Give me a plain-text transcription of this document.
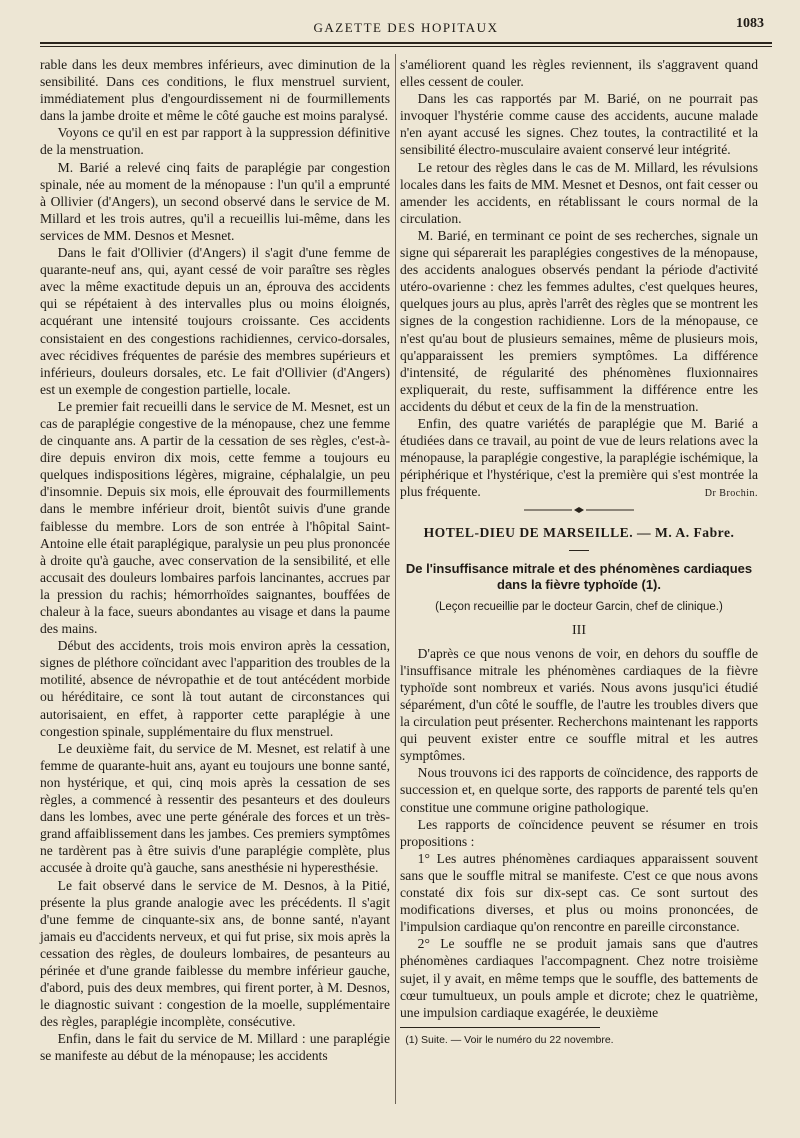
GAZETTE DES HOPITAUX	1083

rable dans les deux membres inférieurs, avec diminution de la sensibilité. Dans ces conditions, le flux menstruel survient, immédiatement plus d'engourdissement ni de fourmillements dans la jambe droite et même le côté gauche est moins paralysé.

Voyons ce qu'il en est par rapport à la suppression définitive de la menstruation.

M. Barié a relevé cinq faits de paraplégie par congestion spinale, née au moment de la ménopause : l'un qu'il a emprunté à Ollivier (d'Angers), un second observé dans le service de M. Millard et les trois autres, qu'il a recueillis lui-même, dans les services de MM. Desnos et Mesnet.

Dans le fait d'Ollivier (d'Angers) il s'agit d'une femme de quarante-neuf ans, qui, ayant cessé de voir paraître ses règles avec la même exactitude depuis un an, éprouva des accidents qui se répétaient à des intervalles plus ou moins éloignés, acquérant une intensité toujours croissante. Ces accidents consistaient en des congestions rachidiennes, cervico-dorsales, avec récidives fréquentes de parésie des membres supérieurs et inférieurs, douleurs dorsales, etc. Le fait d'Ollivier (d'Angers) est un exemple de congestion partielle, locale.

Le premier fait recueilli dans le service de M. Mesnet, est un cas de paraplégie congestive de la ménopause, chez une femme de cinquante ans. A partir de la cessation de ses règles, c'est-à-dire depuis environ dix mois, cette femme a toujours eu quelques indispositions légères, migraine, céphalalgie, un peu d'insomnie. Depuis six mois, elle éprouvait des fourmillements dans le membre inférieur droit, bientôt suivis d'une grande faiblesse du membre. Lors de son entrée à l'hôpital Saint-Antoine elle était paraplégique, paralysie un peu plus prononcée à droite qu'à gauche, avec conservation de la sensibilité, et elle accusait des douleurs lombaires parfois lancinantes, accrues par la pression du rachis; hémorrhoïdes saignantes, bouffées de chaleur à la face, sueurs abondantes au visage et dans la paume des mains.

Début des accidents, trois mois environ après la cessation, signes de pléthore coïncidant avec l'apparition des troubles de la motilité, absence de névropathie et de tout antécédent morbide ou héréditaire, ce sont là tout autant de circonstances qui autorisaient, en effet, à rapporter cette paraplégie à une congestion spinale, supplémentaire du flux menstruel.

Le deuxième fait, du service de M. Mesnet, est relatif à une femme de quarante-huit ans, ayant eu toujours une bonne santé, non hystérique, et qui, cinq mois après la cessation de ses règles, a commencé à ressentir des pesanteurs et des douleurs dans les lombes, avec une perte générale des forces et un très-grand affaiblissement dans les jambes. Ces premiers symptômes ne tardèrent pas à être suivis d'une paraplégie complète, plus accusée à droite qu'à gauche, sans anesthésie ni hyperesthésie.

Le fait observé dans le service de M. Desnos, à la Pitié, présente la plus grande analogie avec les précédents. Il s'agit d'une femme de cinquante-six ans, de bonne santé, n'ayant jamais eu d'accidents nerveux, et qui fut prise, six mois après la cessation des règles, de douleurs lombaires, de pesanteurs au périnée et d'une grande faiblesse du membre inférieur gauche, d'abord, puis des deux membres, qui firent porter, à M. Desnos, le diagnostic suivant : congestion de la moelle, supplémentaire des règles, paraplégie incomplète, consécutive.

Enfin, dans le fait du service de M. Millard : une paraplégie se manifeste au début de la ménopause; les accidents

s'améliorent quand les règles reviennent, ils s'aggravent quand elles cessent de couler.

Dans les cas rapportés par M. Barié, on ne pourrait pas invoquer l'hystérie comme cause des accidents, aucune malade n'en ayant accusé les signes. Chez toutes, la contractilité et la sensibilité électro-musculaire avaient conservé leur intégrité.

Le retour des règles dans le cas de M. Millard, les révulsions locales dans les faits de MM. Mesnet et Desnos, ont fait cesser ou amender les accidents, en rétablissant le cours normal de la circulation.

M. Barié, en terminant ce point de ses recherches, signale un signe qui séparerait les paraplégies congestives de la ménopause, des accidents analogues observés pendant la période d'activité utéro-ovarienne : chez les femmes adultes, c'est quelques heures, quelques jours au plus, après l'arrêt des règles que se montrent les signes de la congestion rachidienne. Lors de la ménopause, ce n'est qu'au bout de plusieurs semaines, même de plusieurs mois, qu'apparaissent les premiers symptômes. La différence d'intensité, de régularité des phénomènes fluxionnaires expliquerait, du reste, suffisamment la différence entre les accidents du début et ceux de la fin de la menstruation.

Enfin, des quatre variétés de paraplégie que M. Barié a étudiées dans ce travail, au point de vue de leurs relations avec la ménopause, la paraplégie congestive, la paraplégie ischémique, la périphérique et l'hystérique, c'est la première qui s'est montrée la plus fréquente.	Dr Brochin.

HOTEL-DIEU DE MARSEILLE. — M. A. Fabre.
De l'insuffisance mitrale et des phénomènes cardiaques dans la fièvre typhoïde (1).
(Leçon recueillie par le docteur Garcin, chef de clinique.)
III

D'après ce que nous venons de voir, en dehors du souffle de l'insuffisance mitrale les phénomènes cardiaques de la fièvre typhoïde sont nombreux et variés. Nous avons jusqu'ici étudié séparément, d'un côté le souffle, de l'autre les troubles divers que la circulation peut présenter. Recherchons maintenant les rapports qui peuvent exister entre ce souffle mitral et les autres symptômes.

Nous trouvons ici des rapports de coïncidence, des rapports de succession et, en quelque sorte, des rapports de parenté tels qu'en constitue une commune origine pathologique.

Les rapports de coïncidence peuvent se résumer en trois propositions :

1° Les autres phénomènes cardiaques apparaissent souvent sans que le souffle mitral se manifeste. C'est ce que nous avons constaté dix fois sur dix-sept cas. Ce sont surtout des modifications diverses, et plus ou moins prononcées, de l'impulsion cardiaque qu'on rencontre en pareille circonstance.

2° Le souffle ne se produit jamais sans que d'autres phénomènes cardiaques l'accompagnent. Chez notre troisième sujet, il y avait, en même temps que le souffle, des battements de cœur tumultueux, un pouls ample et dicrote; chez le quatrième, une impulsion cardiaque exagérée, le deuxième

(1) Suite. — Voir le numéro du 22 novembre.
